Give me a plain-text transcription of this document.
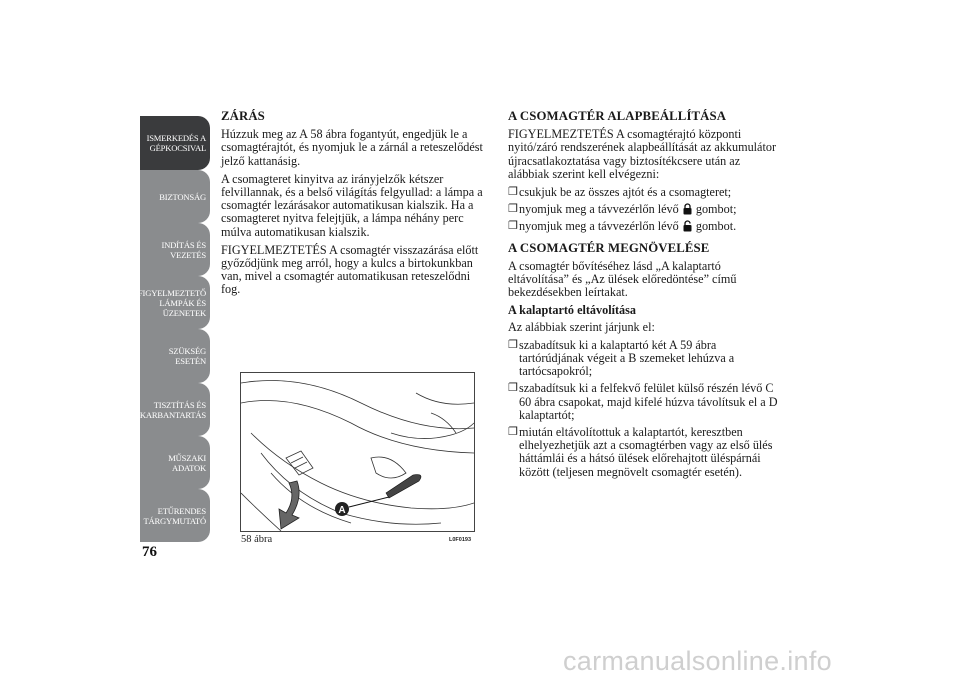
ISMERKEDÉS A
GÉPKOCSIVAL
BIZTONSÁG
INDÍTÁS ÉS
VEZETÉS
FIGYELMEZTETŐ
LÁMPÁK ÉS
ÜZENETEK
SZÜKSÉG ESETÉN
TISZTÍTÁS ÉS
KARBANTARTÁS
MŰSZAKI ADATOK
ETŰRENDES
TÁRGYMUTATÓ
76
ZÁRÁS

Húzzuk meg az A 58 ábra fogantyút, engedjük le a csomagtérajtót, és nyomjuk le a zárnál a reteszelődést jelző kattanásig.

A csomagteret kinyitva az irányjelzők kétszer felvillannak, és a belső világítás felgyullad: a lámpa a csomagtér lezárásakor automatikusan kialszik. Ha a csomagteret nyitva felejtjük, a lámpa néhány perc múlva automatikusan kialszik.

FIGYELMEZTETÉS A csomagtér visszazárása előtt győződjünk meg arról, hogy a kulcs a birtokunkban van, mivel a csomagtér automatikusan reteszelődni fog.

A
58 ábra	L0F0193
A CSOMAGTÉR ALAPBEÁLLÍTÁSA

FIGYELMEZTETÉS A csomagtérajtó központi nyitó/záró rendszerének alapbeállítását az akkumulátor újracsatlakoztatása vagy biztosítékcsere után az alábbiak szerint kell elvégezni:

❐ csukjuk be az összes ajtót és a csomagteret;
❐ nyomjuk meg a távvezérlőn lévő gombot;
❐ nyomjuk meg a távvezérlőn lévő gombot.
A CSOMAGTÉR MEGNÖVELÉSE

A csomagtér bővítéséhez lásd „A kalaptartó eltávolítása” és „Az ülések előredöntése” című bekezdésekben leírtakat.

A kalaptartó eltávolítása

Az alábbiak szerint járjunk el:

❐ szabadítsuk ki a kalaptartó két A 59 ábra tartórúdjának végeit a B szemeket lehúzva a tartócsapokról;
❐ szabadítsuk ki a felfekvő felület külső részén lévő C 60 ábra csapokat, majd kifelé húzva távolítsuk el a D kalaptartót;
❐ miután eltávolítottuk a kalaptartót, keresztben elhelyezhetjük azt a csomagtérben vagy az első ülés háttámlái és a hátsó ülések előrehajtott üléspárnái között (teljesen megnövelt csomagtér esetén).
carmanualsonline.info
